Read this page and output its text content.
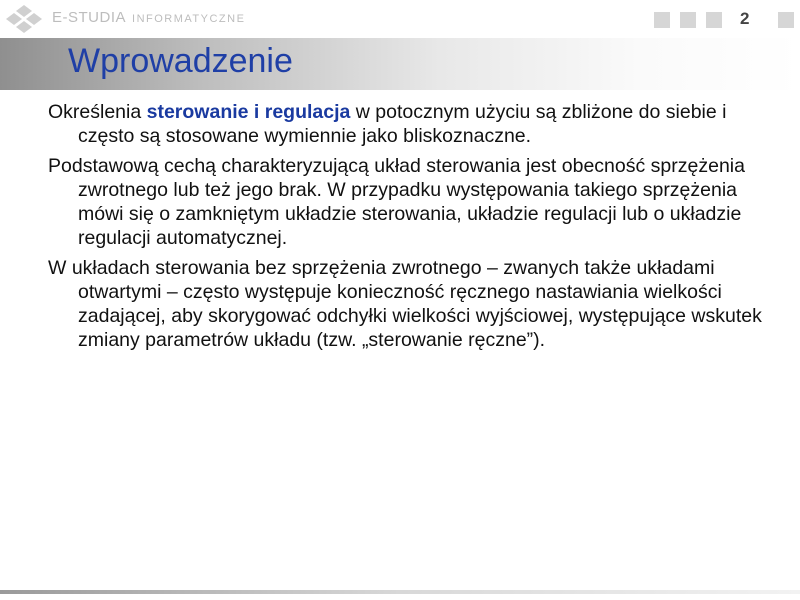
E-STUDIA INFORMATYCZNE	2
Wprowadzenie

Określenia sterowanie i regulacja w potocznym użyciu są zbliżone do siebie i często są stosowane wymiennie jako bliskoznaczne.

Podstawową cechą charakteryzującą układ sterowania jest obecność sprzężenia zwrotnego lub też jego brak. W przypadku występowania takiego sprzężenia mówi się o zamkniętym układzie sterowania, układzie regulacji lub o układzie regulacji automatycznej.

W układach sterowania bez sprzężenia zwrotnego – zwanych także układami otwartymi – często występuje konieczność ręcznego nastawiania wielkości zadającej, aby skorygować odchyłki wielkości wyjściowej, występujące wskutek zmiany parametrów układu (tzw. „sterowanie ręczne”).
